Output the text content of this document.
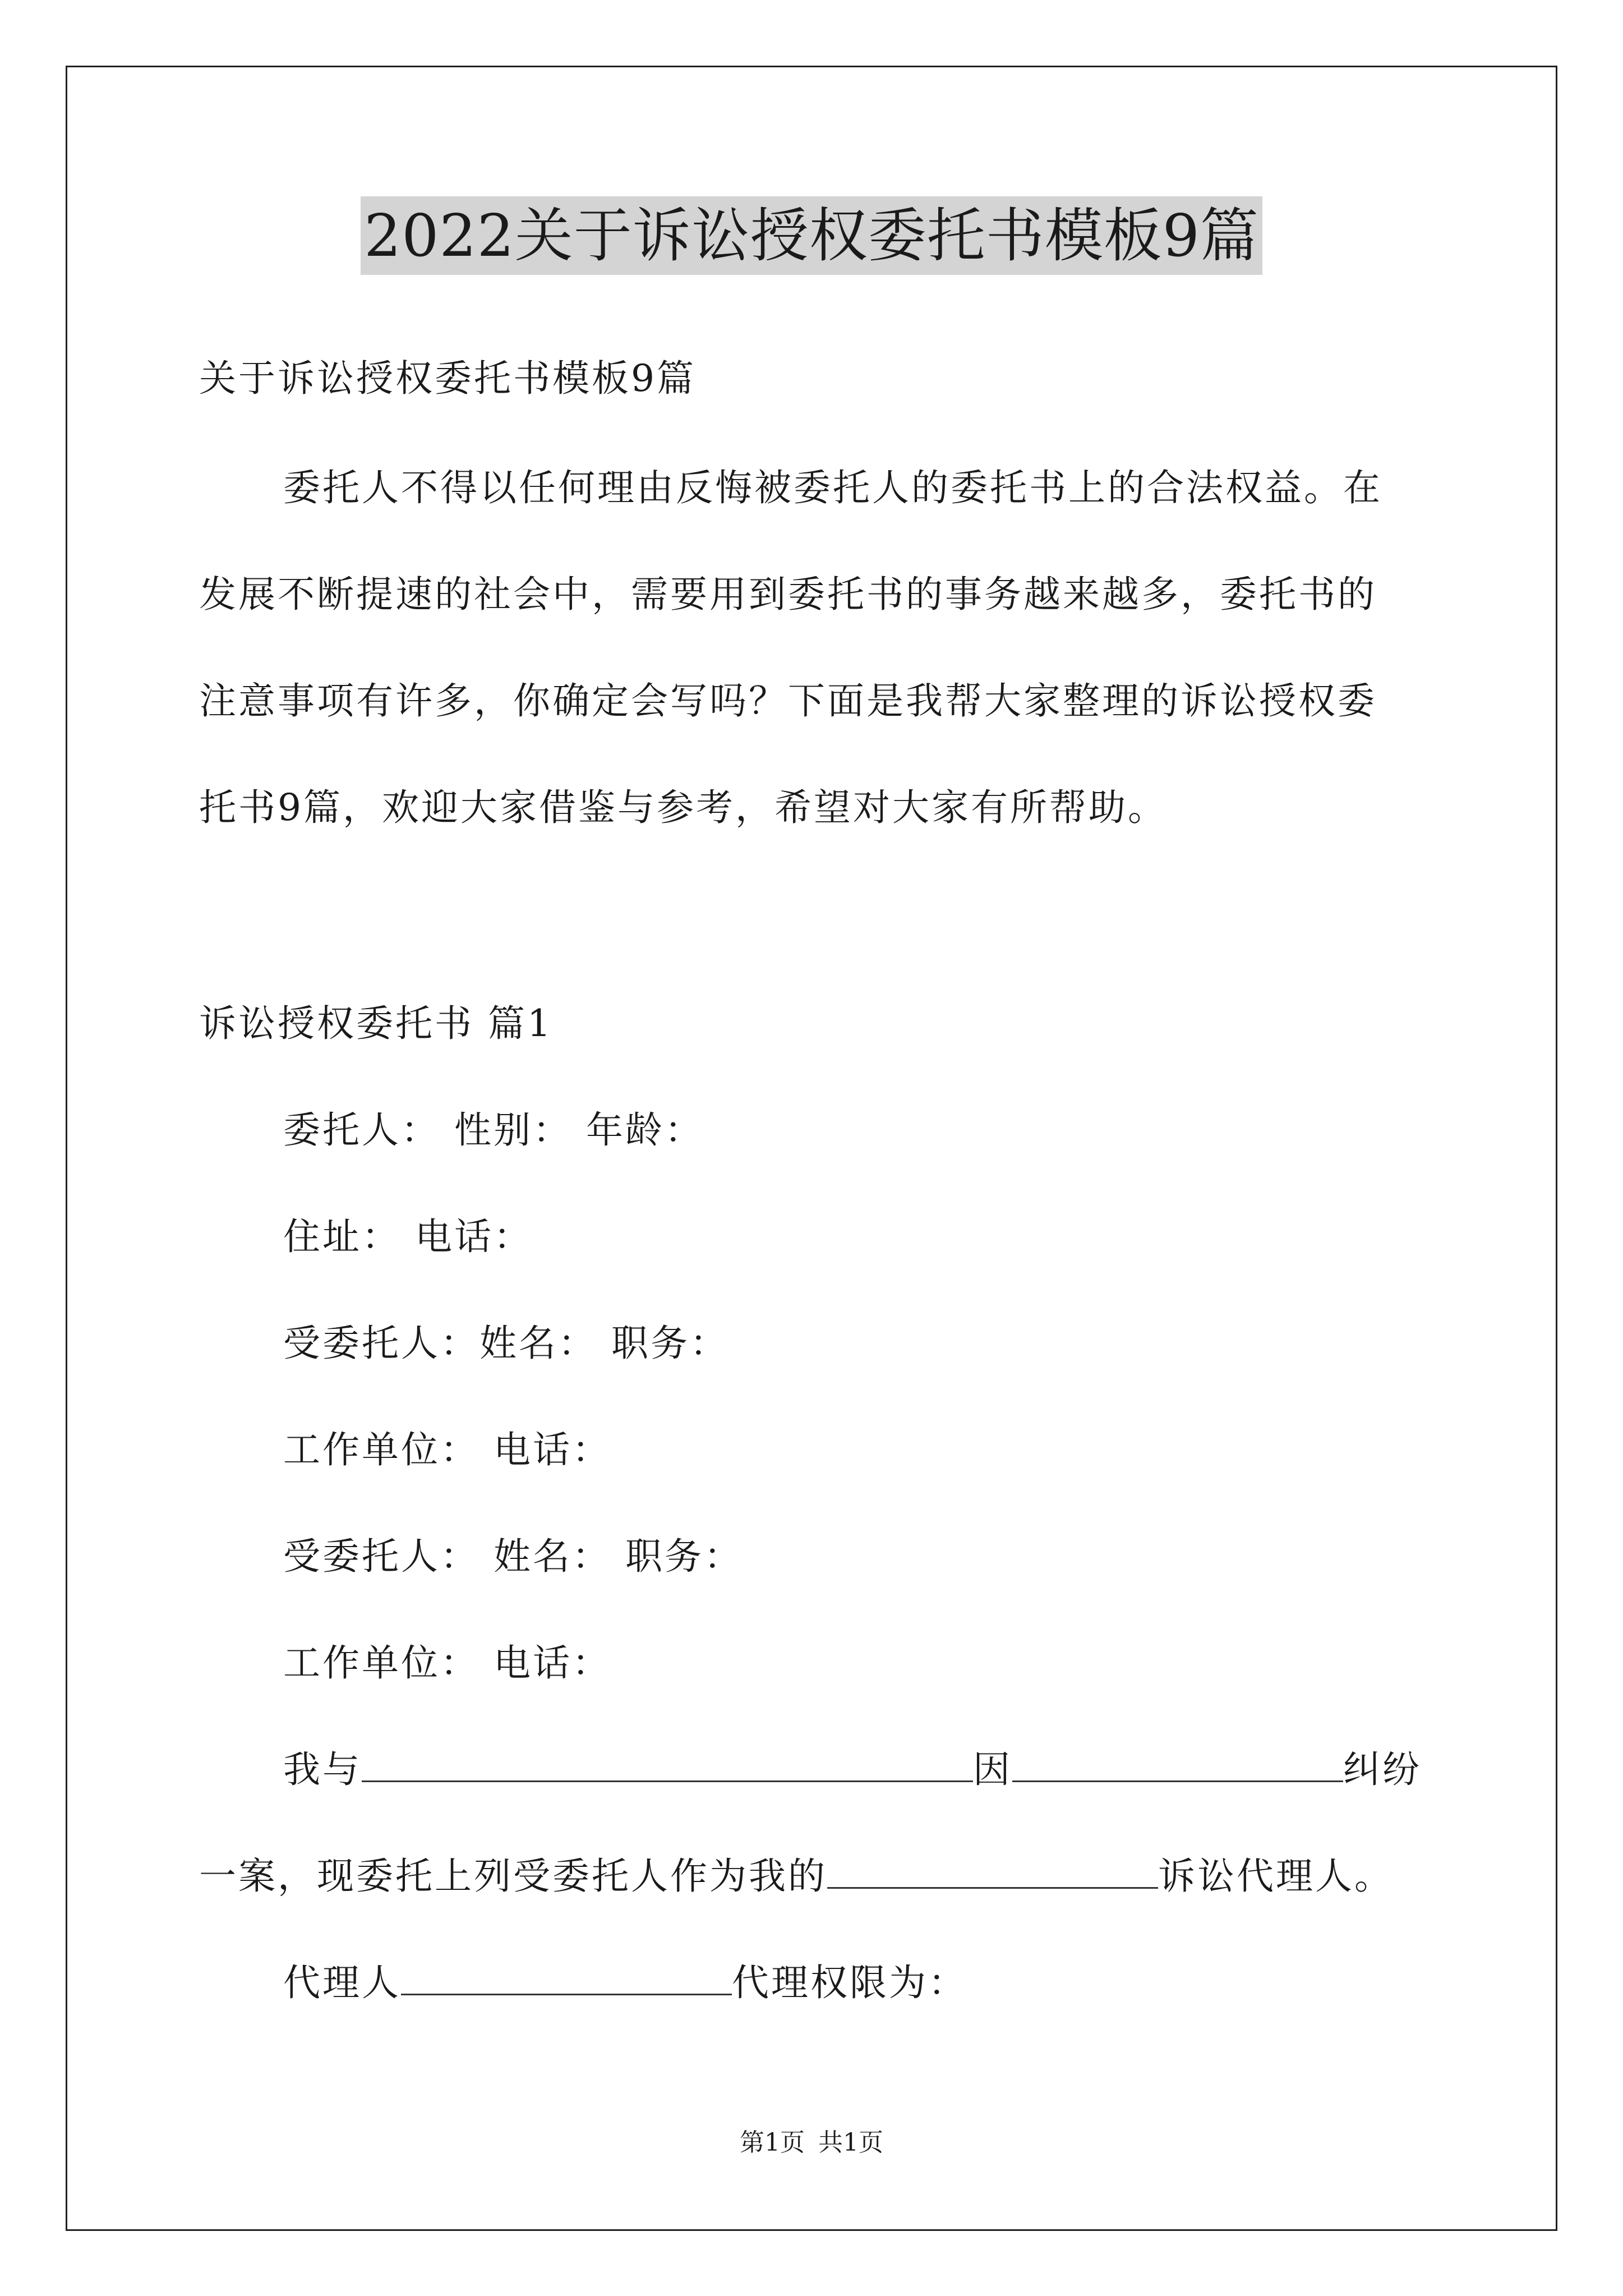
2022关于诉讼授权委托书模板9篇
关于诉讼授权委托书模板9篇
委托人不得以任何理由反悔被委托人的委托书上的合法权益。在
发展不断提速的社会中，需要用到委托书的事务越来越多，委托书的
注意事项有许多，你确定会写吗？下面是我帮大家整理的诉讼授权委
托书9篇，欢迎大家借鉴与参考，希望对大家有所帮助。
诉讼授权委托书 篇1
委托人： 性别： 年龄：
住址： 电话：
受委托人：姓名： 职务：
工作单位： 电话：
受委托人： 姓名： 职务：
工作单位： 电话：
我与	因	纠纷
一案，现委托上列受委托人作为我的	诉讼代理人。
代理人	代理权限为：
第1页 共1页
